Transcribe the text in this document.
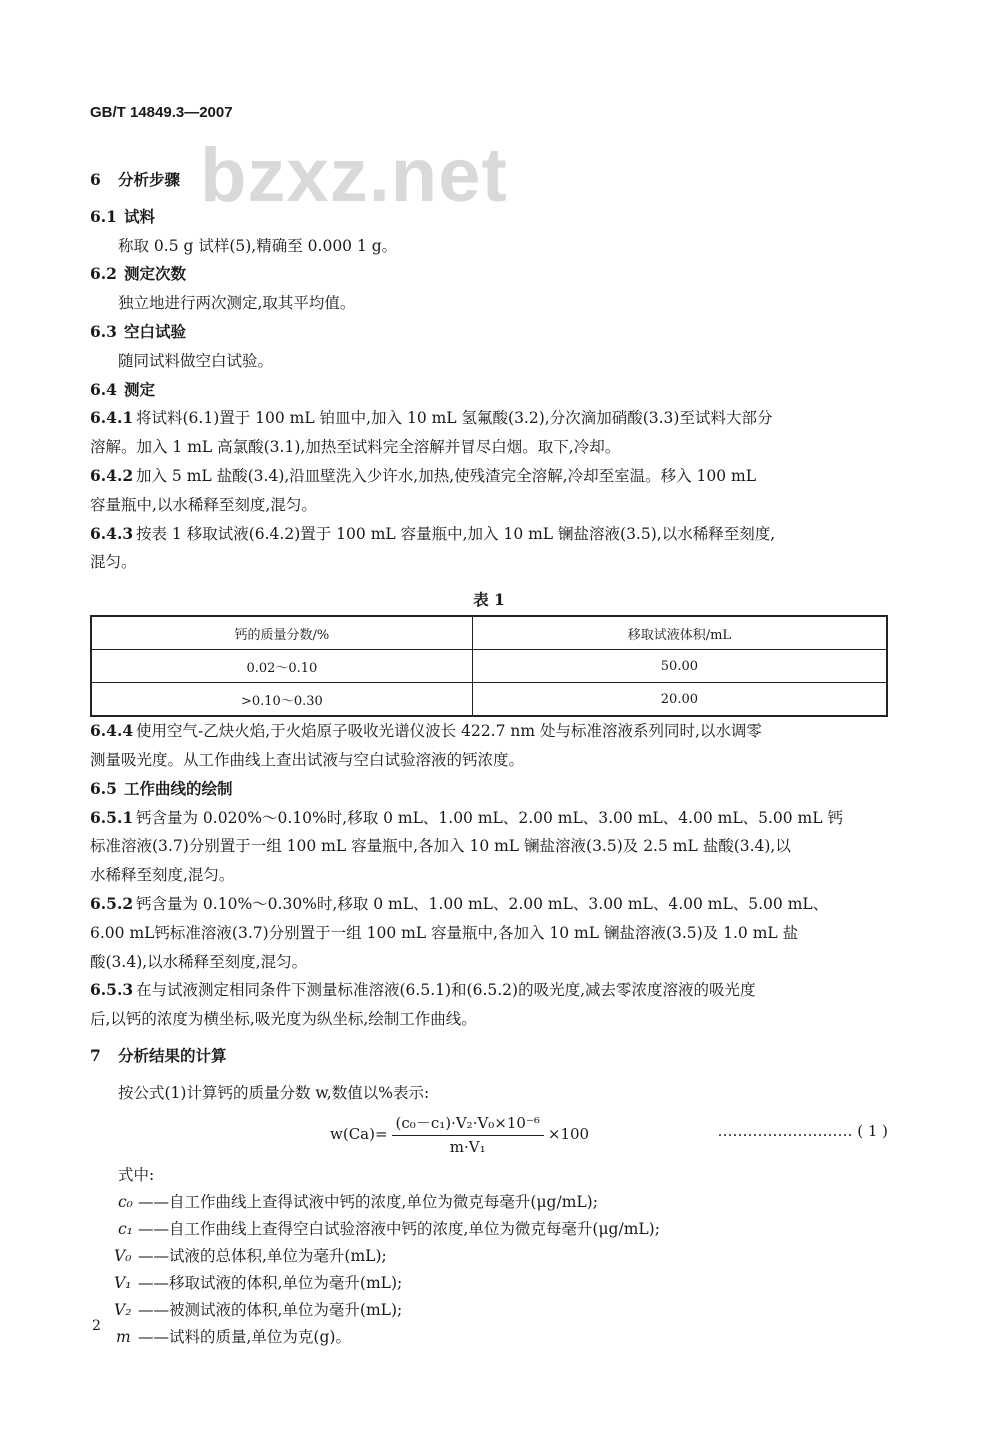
GB/T 14849.3—2007
bzxz.net
6 分析步骤
6.1 试料
称取 0.5 g 试样(5),精确至 0.000 1 g。
6.2 测定次数
独立地进行两次测定,取其平均值。
6.3 空白试验
随同试料做空白试验。
6.4 测定
6.4.1 将试料(6.1)置于 100 mL 铂皿中,加入 10 mL 氢氟酸(3.2),分次滴加硝酸(3.3)至试料大部分
溶解。加入 1 mL 高氯酸(3.1),加热至试料完全溶解并冒尽白烟。取下,冷却。
6.4.2 加入 5 mL 盐酸(3.4),沿皿壁洗入少许水,加热,使残渣完全溶解,冷却至室温。移入 100 mL
容量瓶中,以水稀释至刻度,混匀。
6.4.3 按表 1 移取试液(6.4.2)置于 100 mL 容量瓶中,加入 10 mL 镧盐溶液(3.5),以水稀释至刻度,
混匀。
表 1
钙的质量分数/%	移取试液体积/mL
0.02～0.10	50.00
>0.10～0.30	20.00
6.4.4 使用空气-乙炔火焰,于火焰原子吸收光谱仪波长 422.7 nm 处与标准溶液系列同时,以水调零
测量吸光度。从工作曲线上查出试液与空白试验溶液的钙浓度。
6.5 工作曲线的绘制
6.5.1 钙含量为 0.020%～0.10%时,移取 0 mL、1.00 mL、2.00 mL、3.00 mL、4.00 mL、5.00 mL 钙
标准溶液(3.7)分别置于一组 100 mL 容量瓶中,各加入 10 mL 镧盐溶液(3.5)及 2.5 mL 盐酸(3.4),以
水稀释至刻度,混匀。
6.5.2 钙含量为 0.10%～0.30%时,移取 0 mL、1.00 mL、2.00 mL、3.00 mL、4.00 mL、5.00 mL、
6.00 mL钙标准溶液(3.7)分别置于一组 100 mL 容量瓶中,各加入 10 mL 镧盐溶液(3.5)及 1.0 mL 盐
酸(3.4),以水稀释至刻度,混匀。
6.5.3 在与试液测定相同条件下测量标准溶液(6.5.1)和(6.5.2)的吸光度,减去零浓度溶液的吸光度
后,以钙的浓度为横坐标,吸光度为纵坐标,绘制工作曲线。
7 分析结果的计算
按公式(1)计算钙的质量分数 w,数值以%表示:
$w(Ca)= \frac{\text{(c₀－c₁)·V₂·V₀×10⁻⁶}}{\text{m·V₁}} \times 100$	……………………… ( 1 )
式中:
c₀ ——自工作曲线上查得试液中钙的浓度,单位为微克每毫升(μg/mL);
c₁ ——自工作曲线上查得空白试验溶液中钙的浓度,单位为微克每毫升(μg/mL);
V₀ ——试液的总体积,单位为毫升(mL);
V₁ ——移取试液的体积,单位为毫升(mL);
V₂ ——被测试液的体积,单位为毫升(mL);
m ——试料的质量,单位为克(g)。
2
